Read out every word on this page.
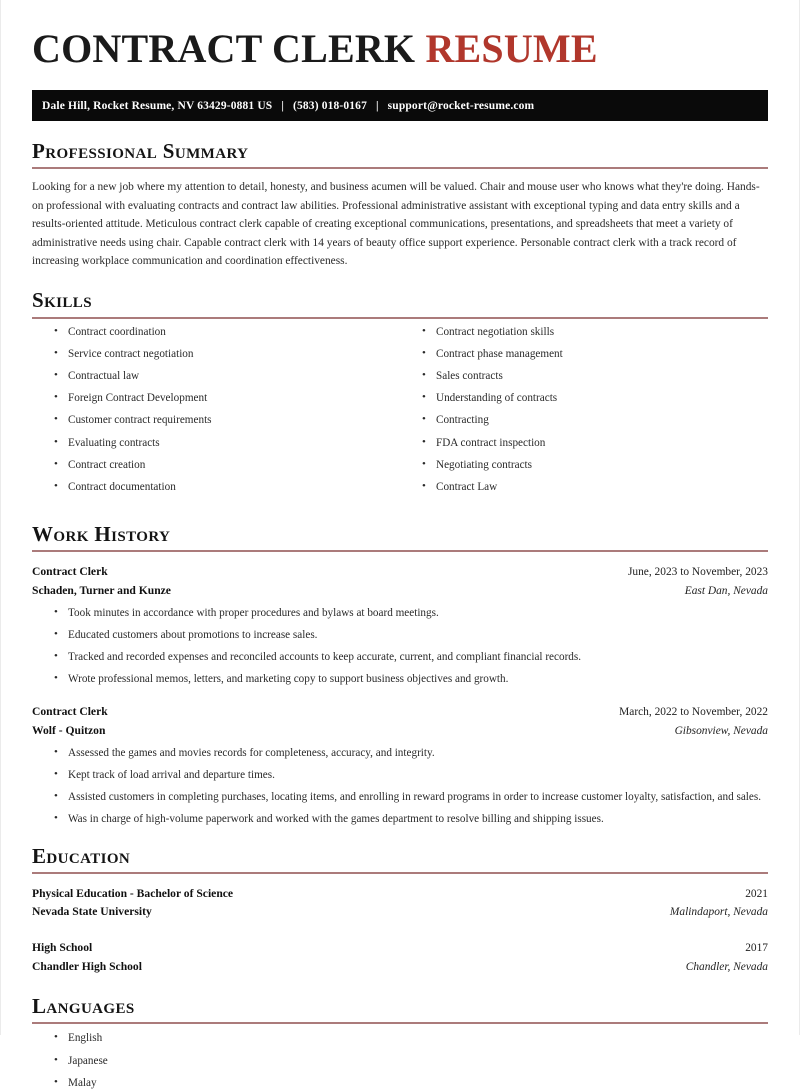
CONTRACT CLERK RESUME
Dale Hill, Rocket Resume, NV 63429-0881 US | (583) 018-0167 | support@rocket-resume.com
Professional Summary

Looking for a new job where my attention to detail, honesty, and business acumen will be valued. Chair and mouse user who knows what they're doing. Hands-on professional with evaluating contracts and contract law abilities. Professional administrative assistant with exceptional typing and data entry skills and a results-oriented attitude. Meticulous contract clerk capable of creating exceptional communications, presentations, and spreadsheets that meet a variety of administrative needs using chair. Capable contract clerk with 14 years of beauty office support experience. Personable contract clerk with a track record of increasing workplace communication and coordination effectiveness.

Skills
• Contract coordination
• Service contract negotiation
• Contractual law
• Foreign Contract Development
• Customer contract requirements
• Evaluating contracts
• Contract creation
• Contract documentation
• Contract negotiation skills
• Contract phase management
• Sales contracts
• Understanding of contracts
• Contracting
• FDA contract inspection
• Negotiating contracts
• Contract Law
Work History
Contract Clerk	June, 2023 to November, 2023
Schaden, Turner and Kunze	East Dan, Nevada
• Took minutes in accordance with proper procedures and bylaws at board meetings.
• Educated customers about promotions to increase sales.
• Tracked and recorded expenses and reconciled accounts to keep accurate, current, and compliant financial records.
• Wrote professional memos, letters, and marketing copy to support business objectives and growth.
Contract Clerk	March, 2022 to November, 2022
Wolf - Quitzon	Gibsonview, Nevada
• Assessed the games and movies records for completeness, accuracy, and integrity.
• Kept track of load arrival and departure times.
• Assisted customers in completing purchases, locating items, and enrolling in reward programs in order to increase customer loyalty, satisfaction, and sales.
• Was in charge of high-volume paperwork and worked with the games department to resolve billing and shipping issues.
Education
Physical Education - Bachelor of Science	2021
Nevada State University	Malindaport, Nevada
High School	2017
Chandler High School	Chandler, Nevada
Languages
• English
• Japanese
• Malay
